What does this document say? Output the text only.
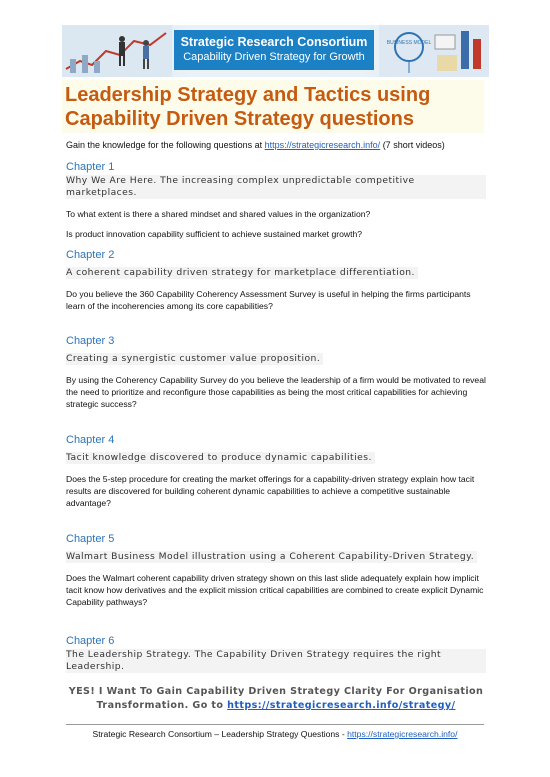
Strategic Research Consortium
Capability Driven Strategy for Growth
BUSINESS MODEL
Leadership Strategy and Tactics using
Capability Driven Strategy questions
Gain the knowledge for the following questions at https://strategicresearch.info/ (7 short videos)
Chapter 1
Why We Are Here. The increasing complex unpredictable competitive marketplaces.
To what extent is there a shared mindset and shared values in the organization?
Is product innovation capability sufficient to achieve sustained market growth?
Chapter 2
A coherent capability driven strategy for marketplace differentiation.
Do you believe the 360 Capability Coherency Assessment Survey is useful in helping the firms participants learn of the incoherencies among its core capabilities?
Chapter 3
Creating a synergistic customer value proposition.
By using the Coherency Capability Survey do you believe the leadership of a firm would be motivated to reveal the need to prioritize and reconfigure those capabilities as being the most critical capabilities for achieving strategic success?
Chapter 4
Tacit knowledge discovered to produce dynamic capabilities.
Does the 5-step procedure for creating the market offerings for a capability-driven strategy explain how tacit results are discovered for building coherent dynamic capabilities to achieve a competitive sustainable advantage?
Chapter 5
Walmart Business Model illustration using a Coherent Capability-Driven Strategy.
Does the Walmart coherent capability driven strategy shown on this last slide adequately explain how implicit tacit know how derivatives and the explicit mission critical capabilities are combined to create explicit Dynamic Capability pathways?
Chapter 6
The Leadership Strategy. The Capability Driven Strategy requires the right Leadership.
YES! I Want To Gain Capability Driven Strategy Clarity For Organisation
Transformation. Go to https://strategicresearch.info/strategy/
Strategic Research Consortium – Leadership Strategy Questions - https://strategicresearch.info/
